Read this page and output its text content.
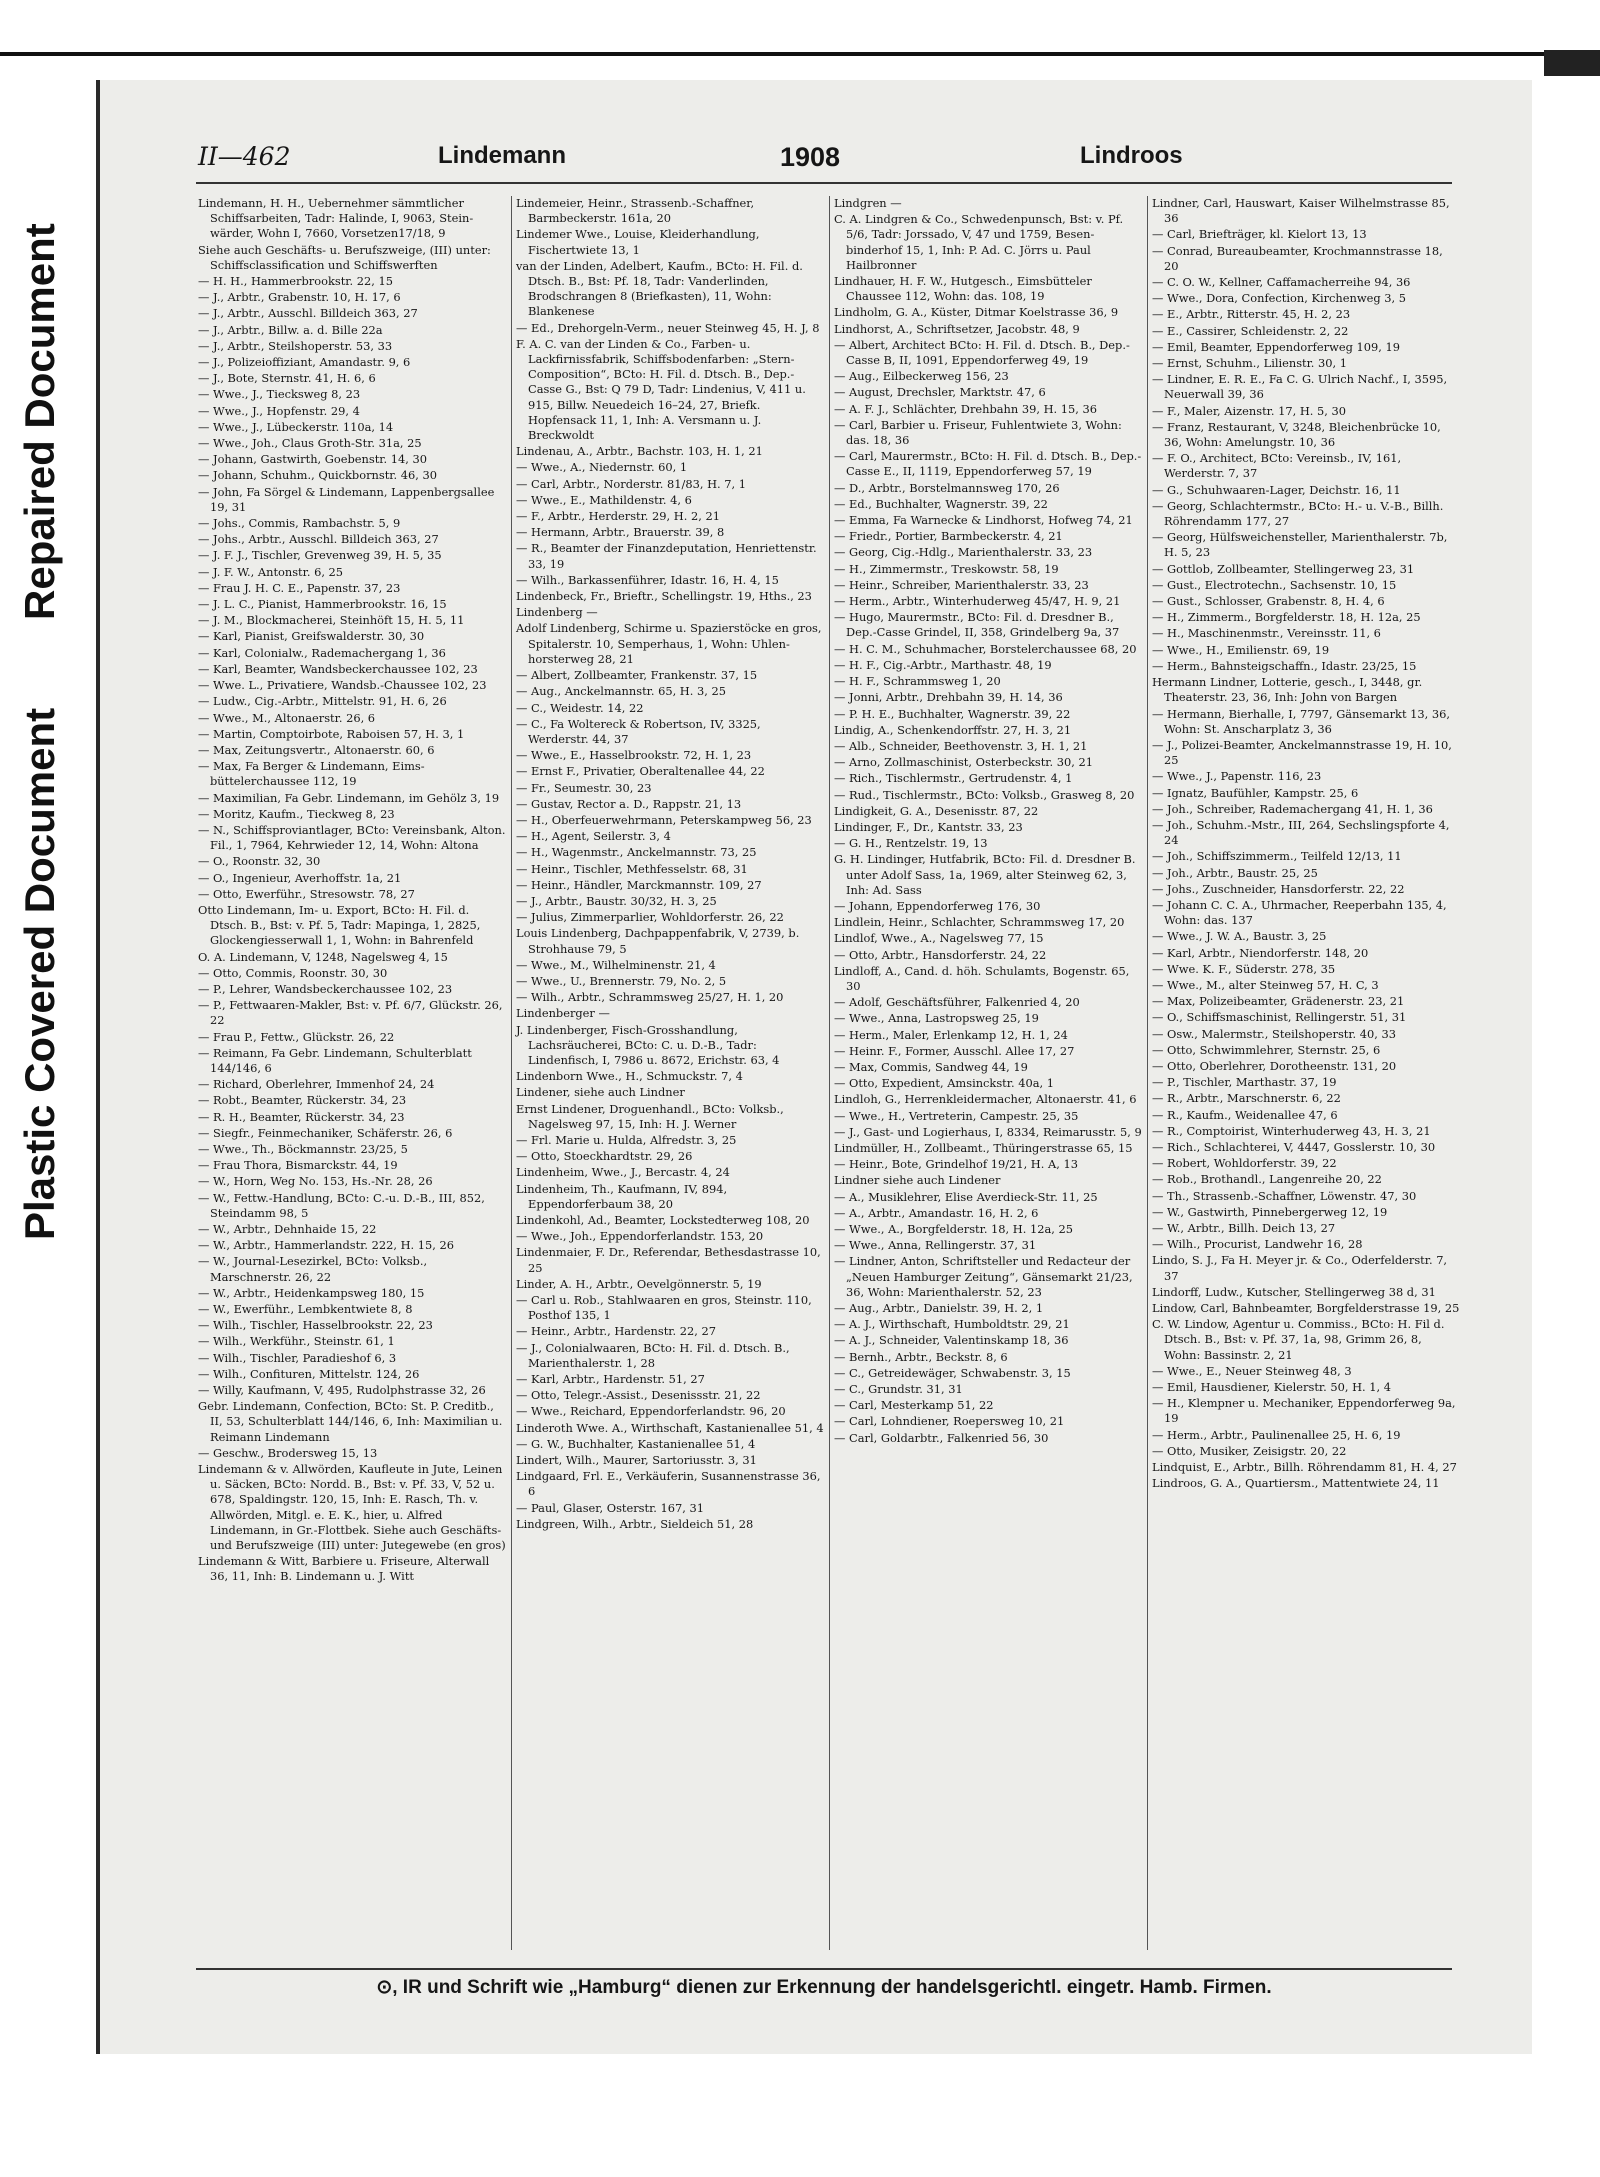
Repaired Document
Plastic Covered Document
II—462	Lindemann	1908	Lindroos
Lindemann, H. H., Uebernehmer sämmtlicher Schiffsarbeiten, Tadr: Halinde, I, 9063, Steinwärder, Wohn I, 7660, Vorsetzen17/18, 9
Siehe auch Geschäfts- u. Berufszweige, (III) unter: Schiffsclassification und Schiffswerften
— H. H., Hammerbrookstr. 22, 15
— J., Arbtr., Grabenstr. 10, H. 17, 6
— J., Arbtr., Ausschl. Billdeich 363, 27
— J., Arbtr., Billw. a. d. Bille 22a
— J., Arbtr., Steilshoperstr. 53, 33
— J., Polizeioffiziant, Amandastr. 9, 6
— J., Bote, Sternstr. 41, H. 6, 6
— Wwe., J., Tiecksweg 8, 23
— Wwe., J., Hopfenstr. 29, 4
— Wwe., J., Lübeckerstr. 110a, 14
— Wwe., Joh., Claus Groth-Str. 31a, 25
— Johann, Gastwirth, Goebenstr. 14, 30
— Johann, Schuhm., Quickbornstr. 46, 30
— John, Fa Sörgel & Lindemann, Lappenbergsallee 19, 31
— Johs., Commis, Rambachstr. 5, 9
— Johs., Arbtr., Ausschl. Billdeich 363, 27
— J. F. J., Tischler, Grevenweg 39, H. 5, 35
— J. F. W., Antonstr. 6, 25
— Frau J. H. C. E., Papenstr. 37, 23
— J. L. C., Pianist, Hammerbrookstr. 16, 15
— J. M., Blockmacherei, Steinhöft 15, H. 5, 11
— Karl, Pianist, Greifswalderstr. 30, 30
— Karl, Colonialw., Rademachergang 1, 36
— Karl, Beamter, Wandsbeckerchaussee 102, 23
— Wwe. L., Privatiere, Wandsb.-Chaussee 102, 23
— Ludw., Cig.-Arbtr., Mittelstr. 91, H. 6, 26
— Wwe., M., Altonaerstr. 26, 6
— Martin, Comptoirbote, Raboisen 57, H. 3, 1
— Max, Zeitungsvertr., Altonaerstr. 60, 6
— Max, Fa Berger & Lindemann, Eimsbüttelerchaussee 112, 19
— Maximilian, Fa Gebr. Lindemann, im Gehölz 3, 19
— Moritz, Kaufm., Tieckweg 8, 23
— N., Schiffsproviantlager, BCto: Vereinsbank, Alton. Fil., 1, 7964, Kehrwieder 12, 14, Wohn: Altona
— O., Roonstr. 32, 30
— O., Ingenieur, Averhoffstr. 1a, 21
— Otto, Ewerführ., Stresowstr. 78, 27
Otto Lindemann, Im- u. Export, BCto: H. Fil. d. Dtsch. B., Bst: v. Pf. 5, Tadr: Mapinga, 1, 2825, Glockengiesserwall 1, 1, Wohn: in Bahrenfeld
O. A. Lindemann, V, 1248, Nagelsweg 4, 15
— Otto, Commis, Roonstr. 30, 30
— P., Lehrer, Wandsbeckerchaussee 102, 23
— P., Fettwaaren-Makler, Bst: v. Pf. 6/7, Glückstr. 26, 22
— Frau P., Fettw., Glückstr. 26, 22
— Reimann, Fa Gebr. Lindemann, Schulterblatt 144/146, 6
— Richard, Oberlehrer, Immenhof 24, 24
— Robt., Beamter, Rückerstr. 34, 23
— R. H., Beamter, Rückerstr. 34, 23
— Siegfr., Feinmechaniker, Schäferstr. 26, 6
— Wwe., Th., Böckmannstr. 23/25, 5
— Frau Thora, Bismarckstr. 44, 19
— W., Horn, Weg No. 153, Hs.-Nr. 28, 26
— W., Fettw.-Handlung, BCto: C.-u. D.-B., III, 852, Steindamm 98, 5
— W., Arbtr., Dehnhaide 15, 22
— W., Arbtr., Hammerlandstr. 222, H. 15, 26
— W., Journal-Lesezirkel, BCto: Volksb., Marschnerstr. 26, 22
— W., Arbtr., Heidenkampsweg 180, 15
— W., Ewerführ., Lembkentwiete 8, 8
— Wilh., Tischler, Hasselbrookstr. 22, 23
— Wilh., Werkführ., Steinstr. 61, 1
— Wilh., Tischler, Paradieshof 6, 3
— Wilh., Confituren, Mittelstr. 124, 26
— Willy, Kaufmann, V, 495, Rudolphstrasse 32, 26
Gebr. Lindemann, Confection, BCto: St. P. Creditb., II, 53, Schulterblatt 144/146, 6, Inh: Maximilian u. Reimann Lindemann
— Geschw., Brodersweg 15, 13
Lindemann & v. Allwörden, Kaufleute in Jute, Leinen u. Säcken, BCto: Nordd. B., Bst: v. Pf. 33, V, 52 u. 678, Spaldingstr. 120, 15, Inh: E. Rasch, Th. v. Allwörden, Mitgl. e. E. K., hier, u. Alfred Lindemann, in Gr.-Flottbek. Siehe auch Geschäfts- und Berufszweige (III) unter: Jutegewebe (en gros)
Lindemann & Witt, Barbiere u. Friseure, Alterwall 36, 11, Inh: B. Lindemann u. J. Witt
Lindemeier, Heinr., Strassenb.-Schaffner, Barmbeckerstr. 161a, 20
Lindemer Wwe., Louise, Kleiderhandlung, Fischertwiete 13, 1
van der Linden, Adelbert, Kaufm., BCto: H. Fil. d. Dtsch. B., Bst: Pf. 18, Tadr: Vanderlinden, Brodschrangen 8 (Briefkasten), 11, Wohn: Blankenese
— Ed., Drehorgeln-Verm., neuer Steinweg 45, H. J, 8
F. A. C. van der Linden & Co., Farben- u. Lackfirnissfabrik, Schiffsbodenfarben: „Stern-Composition“, BCto: H. Fil. d. Dtsch. B., Dep.-Casse G., Bst: Q 79 D, Tadr: Lindenius, V, 411 u. 915, Billw. Neuedeich 16–24, 27, Briefk. Hopfensack 11, 1, Inh: A. Versmann u. J. Breckwoldt
Lindenau, A., Arbtr., Bachstr. 103, H. 1, 21
— Wwe., A., Niedernstr. 60, 1
— Carl, Arbtr., Norderstr. 81/83, H. 7, 1
— Wwe., E., Mathildenstr. 4, 6
— F., Arbtr., Herderstr. 29, H. 2, 21
— Hermann, Arbtr., Brauerstr. 39, 8
— R., Beamter der Finanzdeputation, Henriettenstr. 33, 19
— Wilh., Barkassenführer, Idastr. 16, H. 4, 15
Lindenbeck, Fr., Brieftr., Schellingstr. 19, Hths., 23
Lindenberg —
Adolf Lindenberg, Schirme u. Spazierstöcke en gros, Spitalerstr. 10, Semperhaus, 1, Wohn: Uhlenhorsterweg 28, 21
— Albert, Zollbeamter, Frankenstr. 37, 15
— Aug., Anckelmannstr. 65, H. 3, 25
— C., Weidestr. 14, 22
— C., Fa Woltereck & Robertson, IV, 3325, Werderstr. 44, 37
— Wwe., E., Hasselbrookstr. 72, H. 1, 23
— Ernst F., Privatier, Oberaltenallee 44, 22
— Fr., Seumestr. 30, 23
— Gustav, Rector a. D., Rappstr. 21, 13
— H., Oberfeuerwehrmann, Peterskampweg 56, 23
— H., Agent, Seilerstr. 3, 4
— H., Wagenmstr., Anckelmannstr. 73, 25
— Heinr., Tischler, Methfesselstr. 68, 31
— Heinr., Händler, Marckmannstr. 109, 27
— J., Arbtr., Baustr. 30/32, H. 3, 25
— Julius, Zimmerparlier, Wohldorferstr. 26, 22
Louis Lindenberg, Dachpappenfabrik, V, 2739, b. Strohhause 79, 5
— Wwe., M., Wilhelminenstr. 21, 4
— Wwe., U., Brennerstr. 79, No. 2, 5
— Wilh., Arbtr., Schrammsweg 25/27, H. 1, 20
Lindenberger —
J. Lindenberger, Fisch-Grosshandlung, Lachsräucherei, BCto: C. u. D.-B., Tadr: Lindenfisch, I, 7986 u. 8672, Erichstr. 63, 4
Lindenborn Wwe., H., Schmuckstr. 7, 4
Lindener, siehe auch Lindner
Ernst Lindener, Droguenhandl., BCto: Volksb., Nagelsweg 97, 15, Inh: H. J. Werner
— Frl. Marie u. Hulda, Alfredstr. 3, 25
— Otto, Stoeckhardtstr. 29, 26
Lindenheim, Wwe., J., Bercastr. 4, 24
Lindenheim, Th., Kaufmann, IV, 894, Eppendorferbaum 38, 20
Lindenkohl, Ad., Beamter, Lockstedterweg 108, 20
— Wwe., Joh., Eppendorferlandstr. 153, 20
Lindenmaier, F. Dr., Referendar, Bethesdastrasse 10, 25
Linder, A. H., Arbtr., Oevelgönnerstr. 5, 19
— Carl u. Rob., Stahlwaaren en gros, Steinstr. 110, Posthof 135, 1
— Heinr., Arbtr., Hardenstr. 22, 27
— J., Colonialwaaren, BCto: H. Fil. d. Dtsch. B., Marienthalerstr. 1, 28
— Karl, Arbtr., Hardenstr. 51, 27
— Otto, Telegr.-Assist., Desenissstr. 21, 22
— Wwe., Reichard, Eppendorferlandstr. 96, 20
Linderoth Wwe. A., Wirthschaft, Kastanienallee 51, 4
— G. W., Buchhalter, Kastanienallee 51, 4
Lindert, Wilh., Maurer, Sartoriusstr. 3, 31
Lindgaard, Frl. E., Verkäuferin, Susannenstrasse 36, 6
— Paul, Glaser, Osterstr. 167, 31
Lindgreen, Wilh., Arbtr., Sieldeich 51, 28
Lindgren —
C. A. Lindgren & Co., Schwedenpunsch, Bst: v. Pf. 5/6, Tadr: Jorssado, V, 47 und 1759, Besenbinderhof 15, 1, Inh: P. Ad. C. Jörrs u. Paul Hailbronner
Lindhauer, H. F. W., Hutgesch., Eimsbütteler Chaussee 112, Wohn: das. 108, 19
Lindholm, G. A., Küster, Ditmar Koelstrasse 36, 9
Lindhorst, A., Schriftsetzer, Jacobstr. 48, 9
— Albert, Architect BCto: H. Fil. d. Dtsch. B., Dep.-Casse B, II, 1091, Eppendorferweg 49, 19
— Aug., Eilbeckerweg 156, 23
— August, Drechsler, Marktstr. 47, 6
— A. F. J., Schlächter, Drehbahn 39, H. 15, 36
— Carl, Barbier u. Friseur, Fuhlentwiete 3, Wohn: das. 18, 36
— Carl, Maurermstr., BCto: H. Fil. d. Dtsch. B., Dep.-Casse E., II, 1119, Eppendorferweg 57, 19
— D., Arbtr., Borstelmannsweg 170, 26
— Ed., Buchhalter, Wagnerstr. 39, 22
— Emma, Fa Warnecke & Lindhorst, Hofweg 74, 21
— Friedr., Portier, Barmbeckerstr. 4, 21
— Georg, Cig.-Hdlg., Marienthalerstr. 33, 23
— H., Zimmermstr., Treskowstr. 58, 19
— Heinr., Schreiber, Marienthalerstr. 33, 23
— Herm., Arbtr., Winterhuderweg 45/47, H. 9, 21
— Hugo, Maurermstr., BCto: Fil. d. Dresdner B., Dep.-Casse Grindel, II, 358, Grindelberg 9a, 37
— H. C. M., Schuhmacher, Borstelerchaussee 68, 20
— H. F., Cig.-Arbtr., Marthastr. 48, 19
— H. F., Schrammsweg 1, 20
— Jonni, Arbtr., Drehbahn 39, H. 14, 36
— P. H. E., Buchhalter, Wagnerstr. 39, 22
Lindig, A., Schenkendorffstr. 27, H. 3, 21
— Alb., Schneider, Beethovenstr. 3, H. 1, 21
— Arno, Zollmaschinist, Osterbeckstr. 30, 21
— Rich., Tischlermstr., Gertrudenstr. 4, 1
— Rud., Tischlermstr., BCto: Volksb., Grasweg 8, 20
Lindigkeit, G. A., Desenisstr. 87, 22
Lindinger, F., Dr., Kantstr. 33, 23
— G. H., Rentzelstr. 19, 13
G. H. Lindinger, Hutfabrik, BCto: Fil. d. Dresdner B. unter Adolf Sass, 1a, 1969, alter Steinweg 62, 3, Inh: Ad. Sass
— Johann, Eppendorferweg 176, 30
Lindlein, Heinr., Schlachter, Schrammsweg 17, 20
Lindlof, Wwe., A., Nagelsweg 77, 15
— Otto, Arbtr., Hansdorferstr. 24, 22
Lindloff, A., Cand. d. höh. Schulamts, Bogenstr. 65, 30
— Adolf, Geschäftsführer, Falkenried 4, 20
— Wwe., Anna, Lastropsweg 25, 19
— Herm., Maler, Erlenkamp 12, H. 1, 24
— Heinr. F., Former, Ausschl. Allee 17, 27
— Max, Commis, Sandweg 44, 19
— Otto, Expedient, Amsinckstr. 40a, 1
Lindloh, G., Herrenkleidermacher, Altonaerstr. 41, 6
— Wwe., H., Vertreterin, Campestr. 25, 35
— J., Gast- und Logierhaus, I, 8334, Reimarusstr. 5, 9
Lindmüller, H., Zollbeamt., Thüringerstrasse 65, 15
— Heinr., Bote, Grindelhof 19/21, H. A, 13
Lindner siehe auch Lindener
— A., Musiklehrer, Elise Averdieck-Str. 11, 25
— A., Arbtr., Amandastr. 16, H. 2, 6
— Wwe., A., Borgfelderstr. 18, H. 12a, 25
— Wwe., Anna, Rellingerstr. 37, 31
— Lindner, Anton, Schriftsteller und Redacteur der „Neuen Hamburger Zeitung“, Gänsemarkt 21/23, 36, Wohn: Marienthalerstr. 52, 23
— Aug., Arbtr., Danielstr. 39, H. 2, 1
— A. J., Wirthschaft, Humboldtstr. 29, 21
— A. J., Schneider, Valentinskamp 18, 36
— Bernh., Arbtr., Beckstr. 8, 6
— C., Getreidewäger, Schwabenstr. 3, 15
— C., Grundstr. 31, 31
— Carl, Mesterkamp 51, 22
— Carl, Lohndiener, Roepersweg 10, 21
— Carl, Goldarbtr., Falkenried 56, 30
Lindner, Carl, Hauswart, Kaiser Wilhelmstrasse 85, 36
— Carl, Briefträger, kl. Kielort 13, 13
— Conrad, Bureaubeamter, Krochmannstrasse 18, 20
— C. O. W., Kellner, Caffamacherreihe 94, 36
— Wwe., Dora, Confection, Kirchenweg 3, 5
— E., Arbtr., Ritterstr. 45, H. 2, 23
— E., Cassirer, Schleidenstr. 2, 22
— Emil, Beamter, Eppendorferweg 109, 19
— Ernst, Schuhm., Lilienstr. 30, 1
— Lindner, E. R. E., Fa C. G. Ulrich Nachf., I, 3595, Neuerwall 39, 36
— F., Maler, Aizenstr. 17, H. 5, 30
— Franz, Restaurant, V, 3248, Bleichenbrücke 10, 36, Wohn: Amelungstr. 10, 36
— F. O., Architect, BCto: Vereinsb., IV, 161, Werderstr. 7, 37
— G., Schuhwaaren-Lager, Deichstr. 16, 11
— Georg, Schlachtermstr., BCto: H.- u. V.-B., Billh. Röhrendamm 177, 27
— Georg, Hülfsweichensteller, Marienthalerstr. 7b, H. 5, 23
— Gottlob, Zollbeamter, Stellingerweg 23, 31
— Gust., Electrotechn., Sachsenstr. 10, 15
— Gust., Schlosser, Grabenstr. 8, H. 4, 6
— H., Zimmerm., Borgfelderstr. 18, H. 12a, 25
— H., Maschinenmstr., Vereinsstr. 11, 6
— Wwe., H., Emilienstr. 69, 19
— Herm., Bahnsteigschaffn., Idastr. 23/25, 15
Hermann Lindner, Lotterie, gesch., I, 3448, gr. Theaterstr. 23, 36, Inh: John von Bargen
— Hermann, Bierhalle, I, 7797, Gänsemarkt 13, 36, Wohn: St. Anscharplatz 3, 36
— J., Polizei-Beamter, Anckelmannstrasse 19, H. 10, 25
— Wwe., J., Papenstr. 116, 23
— Ignatz, Baufühler, Kampstr. 25, 6
— Joh., Schreiber, Rademachergang 41, H. 1, 36
— Joh., Schuhm.-Mstr., III, 264, Sechslingspforte 4, 24
— Joh., Schiffszimmerm., Teilfeld 12/13, 11
— Joh., Arbtr., Baustr. 25, 25
— Johs., Zuschneider, Hansdorferstr. 22, 22
— Johann C. C. A., Uhrmacher, Reeperbahn 135, 4, Wohn: das. 137
— Wwe., J. W. A., Baustr. 3, 25
— Karl, Arbtr., Niendorferstr. 148, 20
— Wwe. K. F., Süderstr. 278, 35
— Wwe., M., alter Steinweg 57, H. C, 3
— Max, Polizeibeamter, Grädenerstr. 23, 21
— O., Schiffsmaschinist, Rellingerstr. 51, 31
— Osw., Malermstr., Steilshoperstr. 40, 33
— Otto, Schwimmlehrer, Sternstr. 25, 6
— Otto, Oberlehrer, Dorotheenstr. 131, 20
— P., Tischler, Marthastr. 37, 19
— R., Arbtr., Marschnerstr. 6, 22
— R., Kaufm., Weidenallee 47, 6
— R., Comptoirist, Winterhuderweg 43, H. 3, 21
— Rich., Schlachterei, V, 4447, Gosslerstr. 10, 30
— Robert, Wohldorferstr. 39, 22
— Rob., Brothandl., Langenreihe 20, 22
— Th., Strassenb.-Schaffner, Löwenstr. 47, 30
— W., Gastwirth, Pinnebergerweg 12, 19
— W., Arbtr., Billh. Deich 13, 27
— Wilh., Procurist, Landwehr 16, 28
Lindo, S. J., Fa H. Meyer jr. & Co., Oderfelderstr. 7, 37
Lindorff, Ludw., Kutscher, Stellingerweg 38 d, 31
Lindow, Carl, Bahnbeamter, Borgfelderstrasse 19, 25
C. W. Lindow, Agentur u. Commiss., BCto: H. Fil d. Dtsch. B., Bst: v. Pf. 37, 1a, 98, Grimm 26, 8, Wohn: Bassinstr. 2, 21
— Wwe., E., Neuer Steinweg 48, 3
— Emil, Hausdiener, Kielerstr. 50, H. 1, 4
— H., Klempner u. Mechaniker, Eppendorferweg 9a, 19
— Herm., Arbtr., Paulinenallee 25, H. 6, 19
— Otto, Musiker, Zeisigstr. 20, 22
Lindquist, E., Arbtr., Billh. Röhrendamm 81, H. 4, 27
Lindroos, G. A., Quartiersm., Mattentwiete 24, 11
⊙, IR und Schrift wie „Hamburg“ dienen zur Erkennung der handelsgerichtl. eingetr. Hamb. Firmen.
